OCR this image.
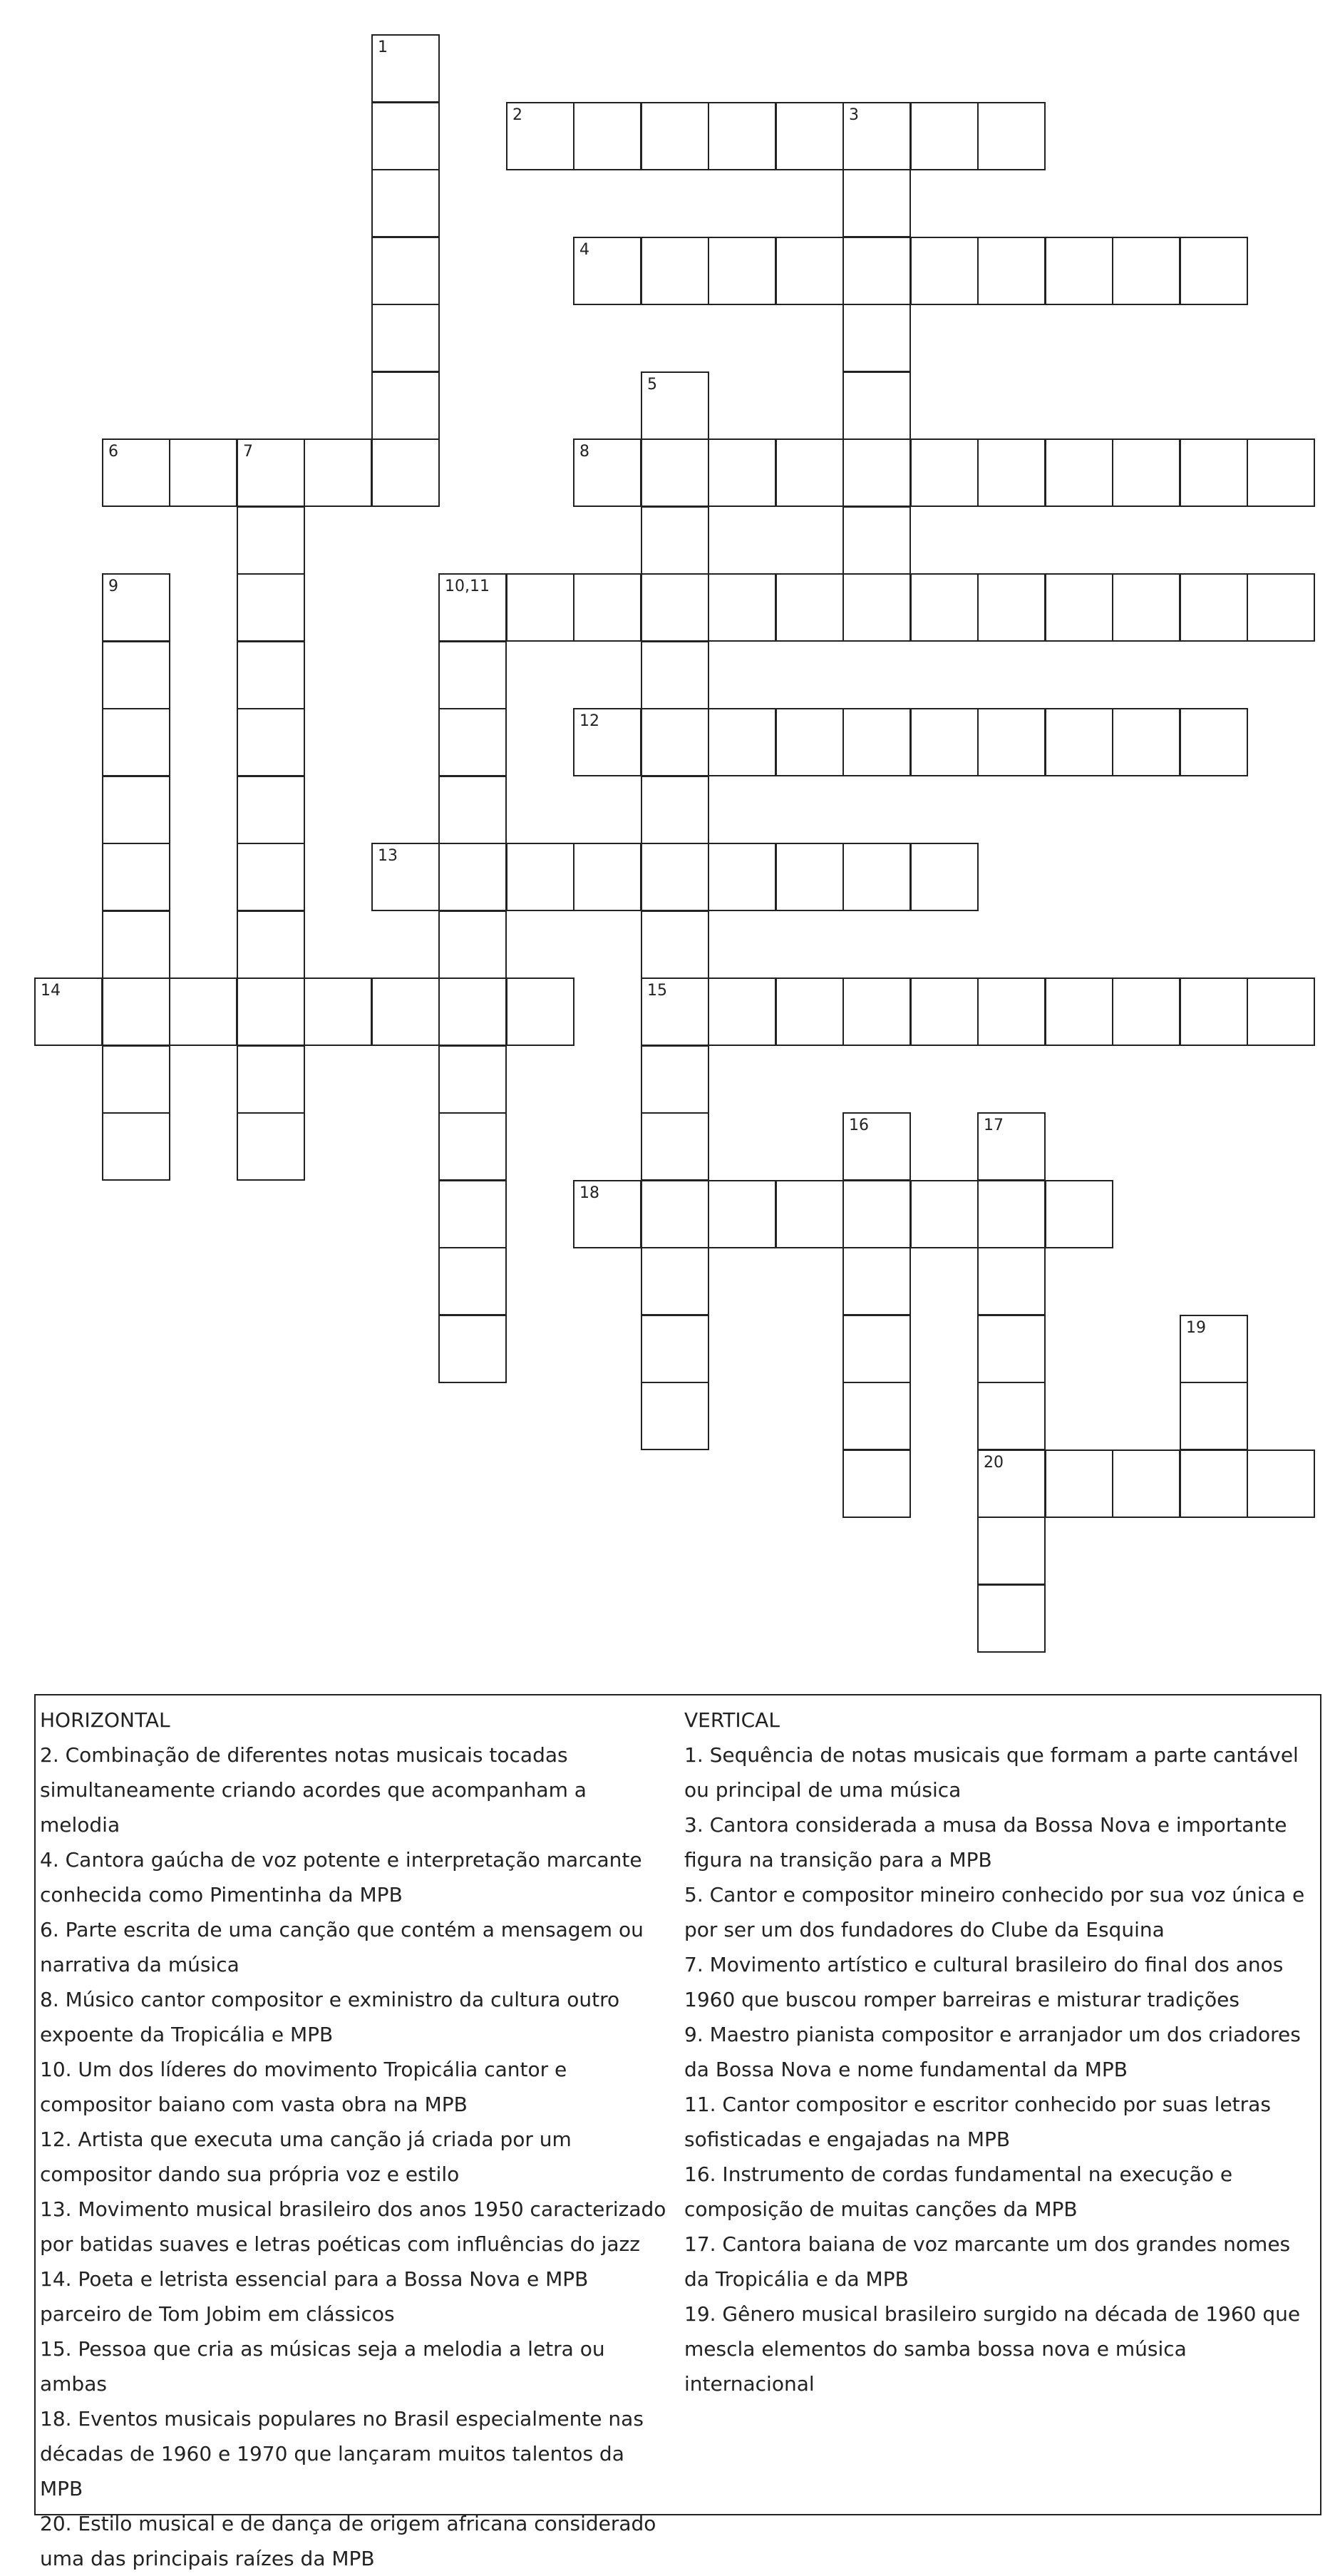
1
2	3
4
5
15
6	7	8
9	10,11
12
13
14
16	17
20
18
19
HORIZONTAL
2. Combinação de diferentes notas musicais tocadas simultaneamente criando acordes que acompanham a melodia
4. Cantora gaúcha de voz potente e interpretação marcante conhecida como Pimentinha da MPB
6. Parte escrita de uma canção que contém a mensagem ou narrativa da música
8. Músico cantor compositor e exministro da cultura outro expoente da Tropicália e MPB
10. Um dos líderes do movimento Tropicália cantor e compositor baiano com vasta obra na MPB
12. Artista que executa uma canção já criada por um compositor dando sua própria voz e estilo
13. Movimento musical brasileiro dos anos 1950 caracterizado por batidas suaves e letras poéticas com influências do jazz
14. Poeta e letrista essencial para a Bossa Nova e MPB parceiro de Tom Jobim em clássicos
15. Pessoa que cria as músicas seja a melodia a letra ou ambas
18. Eventos musicais populares no Brasil especialmente nas décadas de 1960 e 1970 que lançaram muitos talentos da MPB
20. Estilo musical e de dança de origem africana considerado uma das principais raízes da MPB
VERTICAL
1. Sequência de notas musicais que formam a parte cantável ou principal de uma música
3. Cantora considerada a musa da Bossa Nova e importante figura na transição para a MPB
5. Cantor e compositor mineiro conhecido por sua voz única e por ser um dos fundadores do Clube da Esquina
7. Movimento artístico e cultural brasileiro do final dos anos 1960 que buscou romper barreiras e misturar tradições
9. Maestro pianista compositor e arranjador um dos criadores da Bossa Nova e nome fundamental da MPB
11. Cantor compositor e escritor conhecido por suas letras sofisticadas e engajadas na MPB
16. Instrumento de cordas fundamental na execução e composição de muitas canções da MPB
17. Cantora baiana de voz marcante um dos grandes nomes da Tropicália e da MPB
19. Gênero musical brasileiro surgido na década de 1960 que mescla elementos do samba bossa nova e música internacional
